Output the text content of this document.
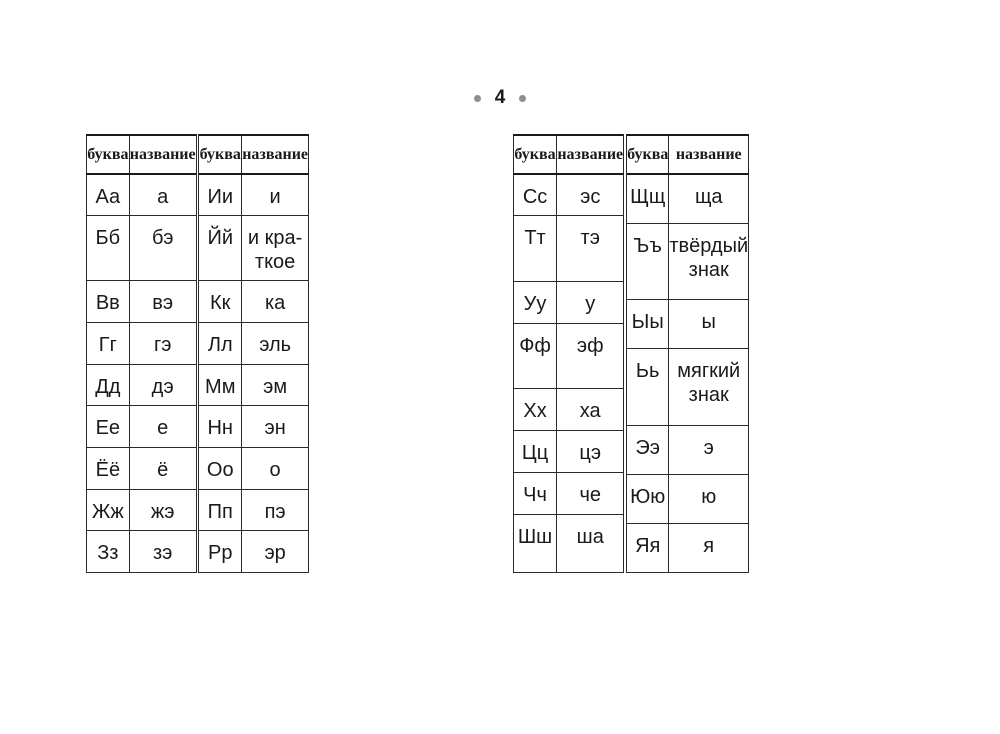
4
буква	название
Аа	а
Бб	бэ
Вв	вэ
Гг	гэ
Дд	дэ
Ее	е
Ёё	ё
Жж	жэ
Зз	зэ
буква	название
Ии	и
Йй	и кра-
ткое
Кк	ка
Лл	эль
Мм	эм
Нн	эн
Оо	о
Пп	пэ
Рр	эр
буква	название
Сс	эс
Тт	тэ
Уу	у
Фф	эф
Хх	ха
Цц	цэ
Чч	че
Шш	ша
буква	название
Щщ	ща
Ъъ	твёрдый
знак
Ыы	ы
Ьь	мягкий
знак
Ээ	э
Юю	ю
Яя	я
